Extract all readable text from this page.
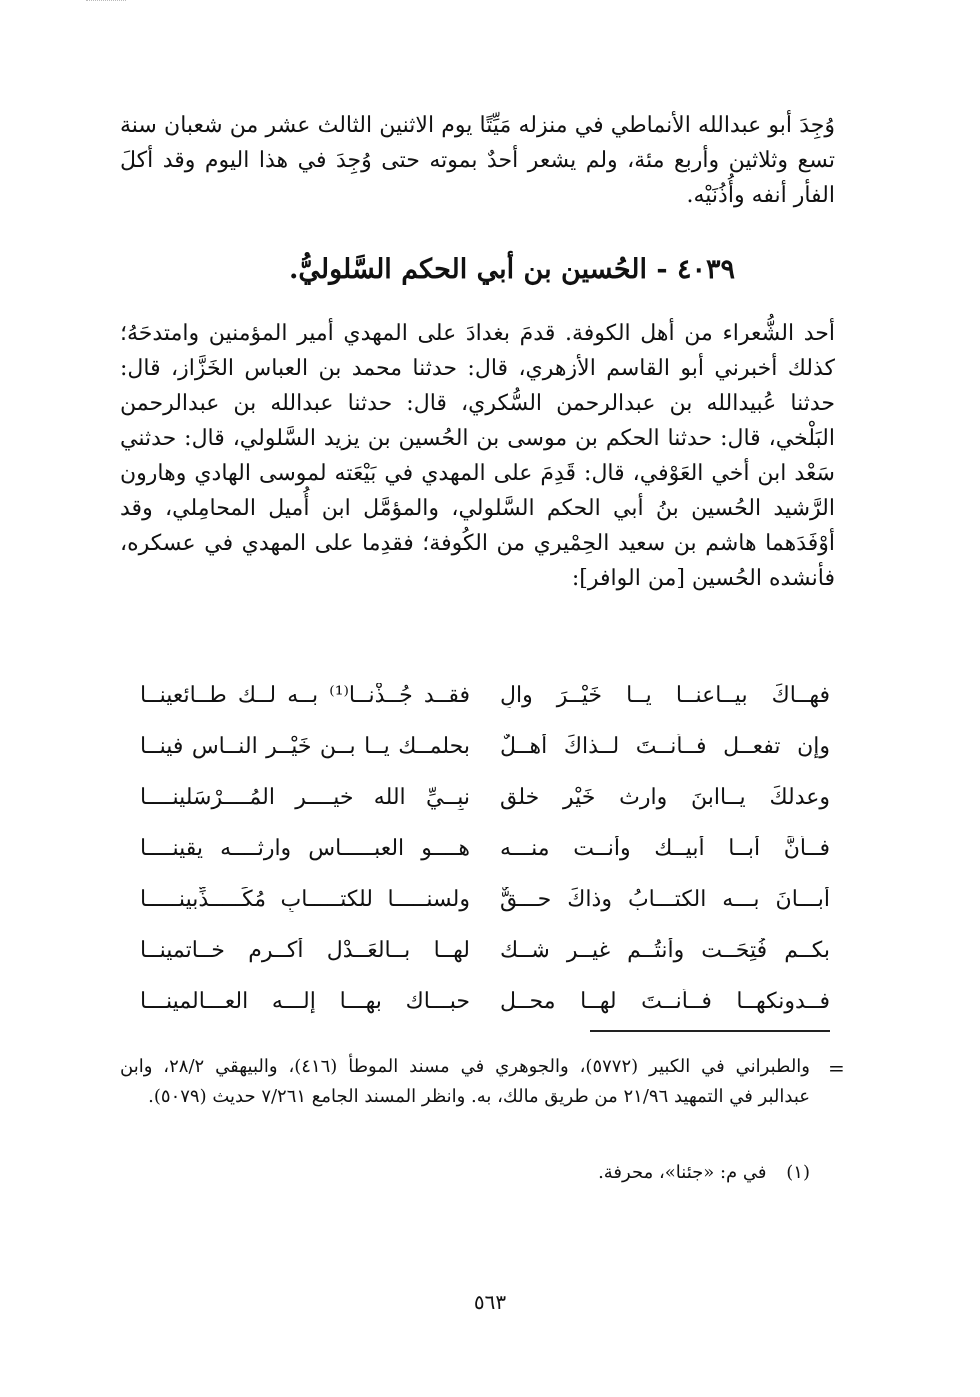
وُجِدَ أبو عبدالله الأنماطي في منزله مَيِّتًا يوم الاثنين الثالث عشر من شعبان سنة تسع وثلاثين وأربع مئة، ولم يشعر أحدٌ بموته حتى وُجِدَ في هذا اليوم وقد أكلَ الفأر أنفه وأُذُنَيْه.

٤٠٣٩ - الحُسين بن أبي الحكم السَّلوليُّ.

أحد الشُّعراء من أهل الكوفة. قدمَ بغدادَ على المهدي أمير المؤمنين وامتدحَهُ؛ كذلك أخبرني أبو القاسم الأزهري، قال: حدثنا محمد بن العباس الخَزَّاز، قال: حدثنا عُبيدالله بن عبدالرحمن السُّكري، قال: حدثنا عبدالله بن عبدالرحمن البَلْخي، قال: حدثنا الحكم بن موسى بن الحُسين بن يزيد السَّلولي، قال: حدثني سَعْد ابن أخي العَوْفي، قال: قَدِمَ على المهدي في بَيْعَته لموسى الهادي وهارون الرَّشيد الحُسين بنُ أبي الحكم السَّلولي، والمؤمَّل ابن أُميل المحامِلي، وقد أوْفَدَهما هاشم بن سعيد الحِمْيري من الكُوفة؛ فقدِما على المهدي في عسكره، فأنشده الحُسين [من الوافر]:

فهــاكَ بيــاعنــا يــا خَيْــرَ والٍ
فقــد جُــذْنــا⁽¹⁾ بــه لــك طــائعينــا
وإن تفعــل فــأنــتَ لــذاكَ أهــلٌ
بحلمــك يــا بــن خَيْــر النــاس فينــا
وعدلكَ يــاابنَ وارث خَيْر خلقٍ
نبِــيِّ الله خيــــر المُــــرْسَلينــــا
فــأنَّ أبــا أبيــك وأنــت منـــه
هــــو العبـــــاس وارثــــه يقينــــا
أبـــانَ بـــه الكتـــابُ وذاكَ حـــقٌّ
ولسنـــــا للكتـــــابِ مُكَـــــذِّبينـــــا
بكــم فُتِحَــت وأنتُــم غيــر شــك
لهــا بــالعَــدْل أكــرم خــاتمينــا
فــدونكهــا فــأنــتَ لهــا محــل
حبـــاك بهـــا إلـــه العـــالمينـــا
=

والطبراني في الكبير (٥٧٧٢)، والجوهري في مسند الموطأ (٤١٦)، والبيهقي ٢٨/٢، وابن عبدالبر في التمهيد ٢١/٩٦ من طريق مالك، به. وانظر المسند الجامع ٧/٢٦١ حديث (٥٠٧٩).

(١) في م: «جئنا»، محرفة.

٥٦٣
